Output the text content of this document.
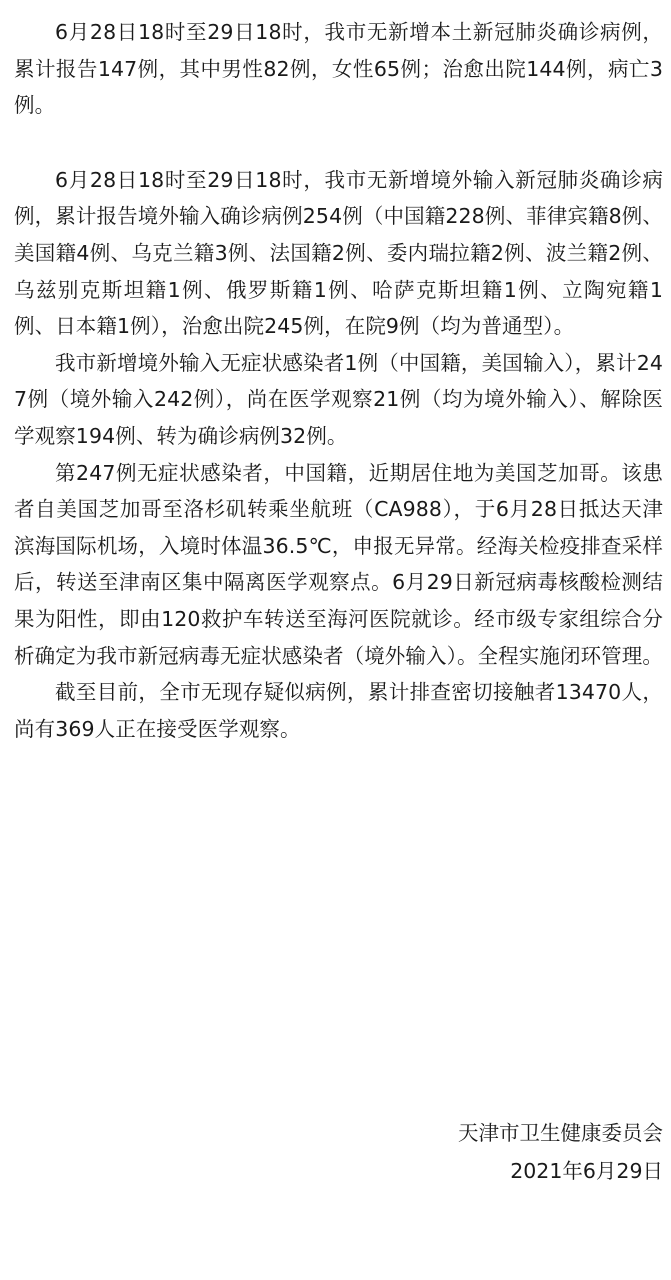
6月28日18时至29日18时，我市无新增本土新冠肺炎确诊病例，累计报告147例，其中男性82例，女性65例；治愈出院144例，病亡3例。

6月28日18时至29日18时，我市无新增境外输入新冠肺炎确诊病例，累计报告境外输入确诊病例254例（中国籍228例、菲律宾籍8例、美国籍4例、乌克兰籍3例、法国籍2例、委内瑞拉籍2例、波兰籍2例、乌兹别克斯坦籍1例、俄罗斯籍1例、哈萨克斯坦籍1例、立陶宛籍1例、日本籍1例），治愈出院245例，在院9例（均为普通型）。

我市新增境外输入无症状感染者1例（中国籍，美国输入），累计247例（境外输入242例），尚在医学观察21例（均为境外输入）、解除医学观察194例、转为确诊病例32例。

第247例无症状感染者，中国籍，近期居住地为美国芝加哥。该患者自美国芝加哥至洛杉矶转乘坐航班（CA988），于6月28日抵达天津滨海国际机场，入境时体温36.5℃，申报无异常。经海关检疫排查采样后，转送至津南区集中隔离医学观察点。6月29日新冠病毒核酸检测结果为阳性，即由120救护车转送至海河医院就诊。经市级专家组综合分析确定为我市新冠病毒无症状感染者（境外输入）。全程实施闭环管理。

截至目前，全市无现存疑似病例，累计排查密切接触者13470人，尚有369人正在接受医学观察。

天津市卫生健康委员会
2021年6月29日
